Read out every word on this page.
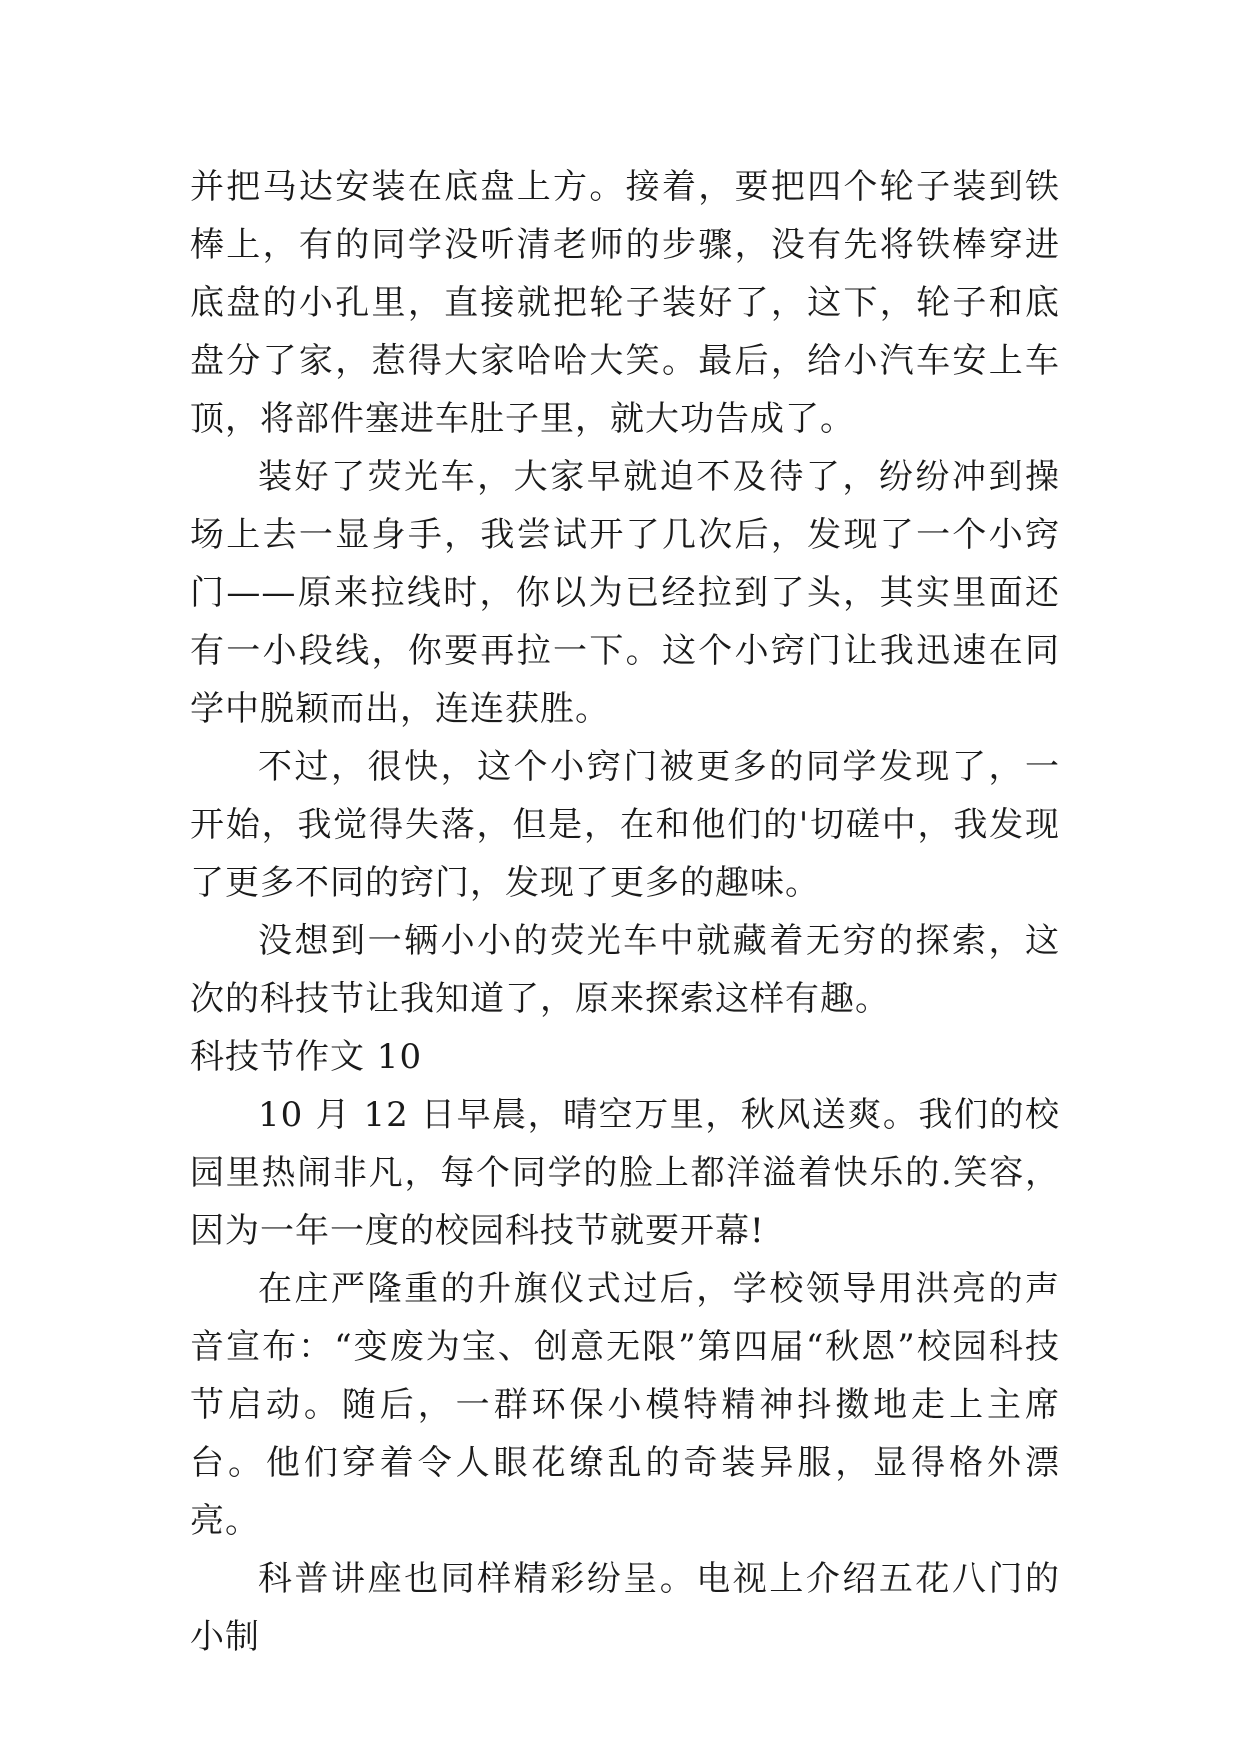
并把马达安装在底盘上方。接着，要把四个轮子装到铁棒上，有的同学没听清老师的步骤，没有先将铁棒穿进底盘的小孔里，直接就把轮子装好了，这下，轮子和底盘分了家，惹得大家哈哈大笑。最后，给小汽车安上车顶，将部件塞进车肚子里，就大功告成了。

装好了荧光车，大家早就迫不及待了，纷纷冲到操场上去一显身手，我尝试开了几次后，发现了一个小窍门——原来拉线时，你以为已经拉到了头，其实里面还有一小段线，你要再拉一下。这个小窍门让我迅速在同学中脱颖而出，连连获胜。

不过，很快，这个小窍门被更多的同学发现了，一开始，我觉得失落，但是，在和他们的'切磋中，我发现了更多不同的窍门，发现了更多的趣味。

没想到一辆小小的荧光车中就藏着无穷的探索，这次的科技节让我知道了，原来探索这样有趣。

科技节作文 10

10 月 12 日早晨，晴空万里，秋风送爽。我们的校园里热闹非凡，每个同学的脸上都洋溢着快乐的.笑容，因为一年一度的校园科技节就要开幕!

在庄严隆重的升旗仪式过后，学校领导用洪亮的声音宣布：“变废为宝、创意无限”第四届“秋恩”校园科技节启动。随后，一群环保小模特精神抖擞地走上主席台。他们穿着令人眼花缭乱的奇装异服，显得格外漂亮。

科普讲座也同样精彩纷呈。电视上介绍五花八门的小制
